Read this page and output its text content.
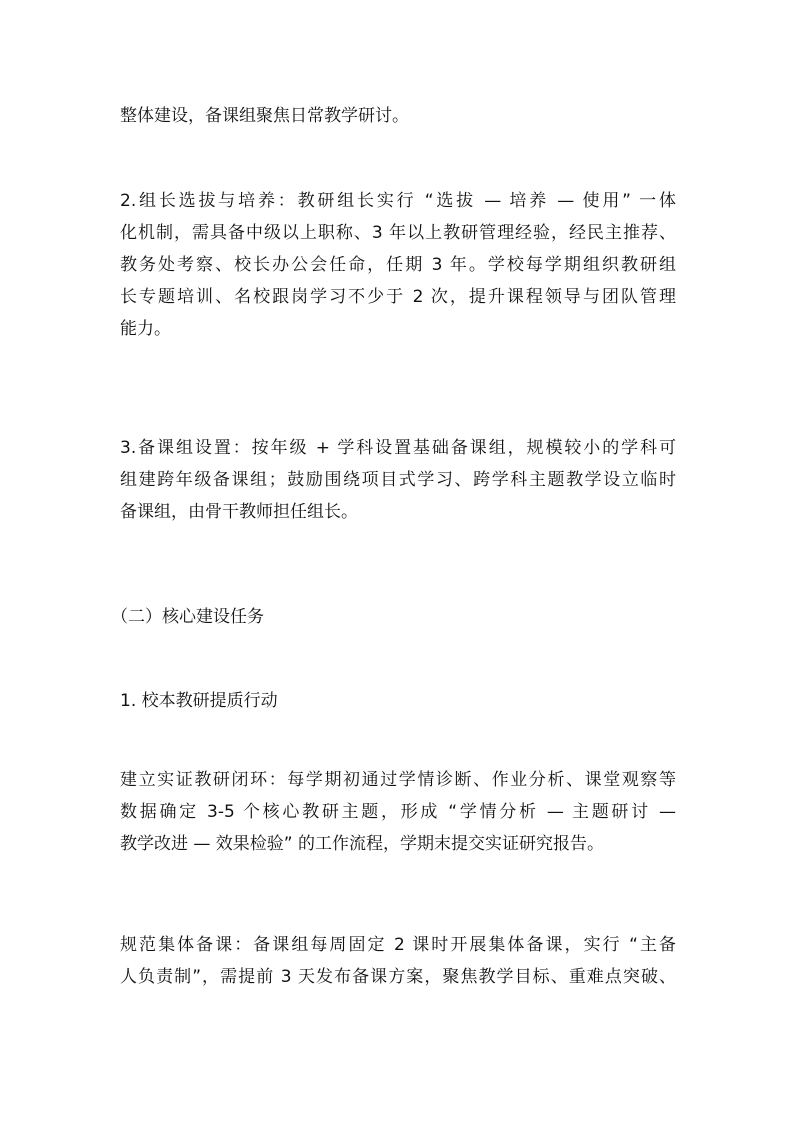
整体建设，备课组聚焦日常教学研讨。

2.组长选拔与培养：教研组长实行 “选拔 — 培养 — 使用” 一体
化机制，需具备中级以上职称、3 年以上教研管理经验，经民主推荐、
教务处考察、校长办公会任命，任期 3 年。学校每学期组织教研组
长专题培训、名校跟岗学习不少于 2 次，提升课程领导与团队管理
能力。

3.备课组设置：按年级 + 学科设置基础备课组，规模较小的学科可
组建跨年级备课组；鼓励围绕项目式学习、跨学科主题教学设立临时
备课组，由骨干教师担任组长。

（二）核心建设任务

1. 校本教研提质行动

建立实证教研闭环：每学期初通过学情诊断、作业分析、课堂观察等
数据确定 3-5 个核心教研主题，形成 “学情分析 — 主题研讨 —
教学改进 — 效果检验” 的工作流程，学期末提交实证研究报告。

规范集体备课：备课组每周固定 2 课时开展集体备课，实行 “主备
人负责制”，需提前 3 天发布备课方案，聚焦教学目标、重难点突破、
